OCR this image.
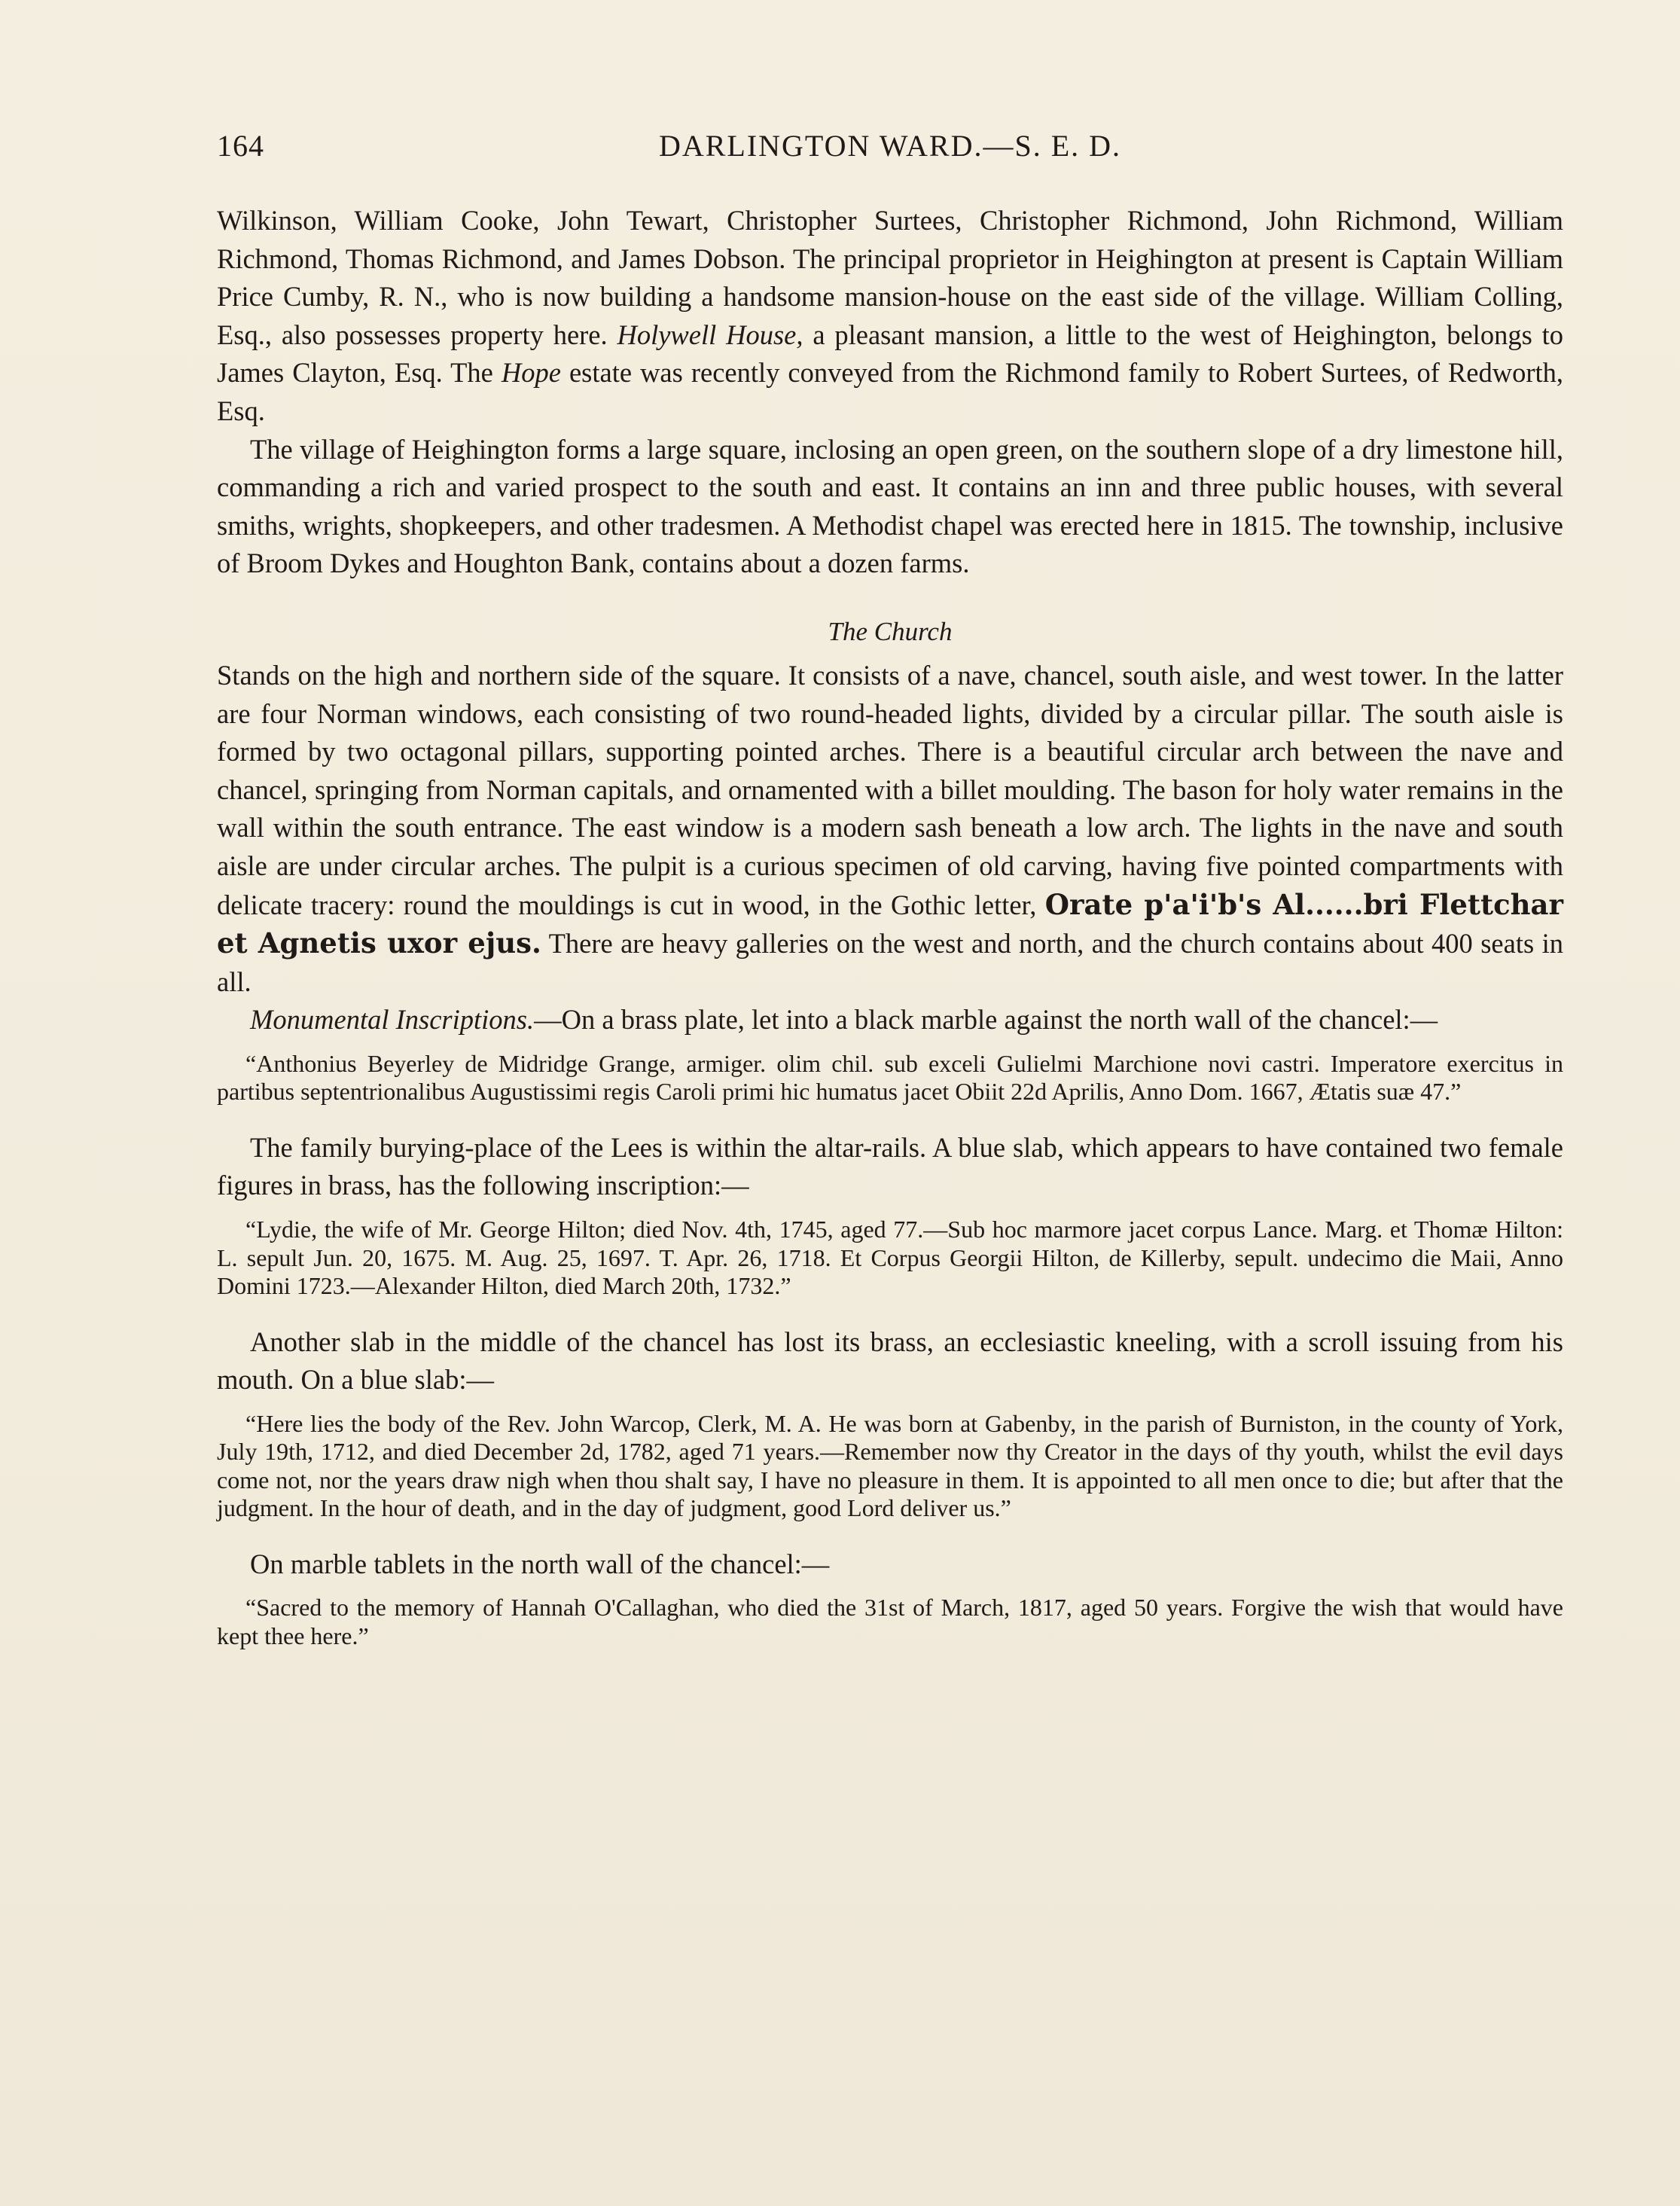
164	DARLINGTON WARD.—S. E. D.

Wilkinson, William Cooke, John Tewart, Christopher Surtees, Christopher Richmond, John Richmond, William Richmond, Thomas Richmond, and James Dobson. The principal proprietor in Heighington at present is Captain William Price Cumby, R. N., who is now building a handsome mansion-house on the east side of the village. William Colling, Esq., also possesses property here. Holywell House, a pleasant mansion, a little to the west of Heighington, belongs to James Clayton, Esq. The Hope estate was recently conveyed from the Richmond family to Robert Surtees, of Redworth, Esq.

The village of Heighington forms a large square, inclosing an open green, on the southern slope of a dry limestone hill, commanding a rich and varied prospect to the south and east. It contains an inn and three public houses, with several smiths, wrights, shopkeepers, and other tradesmen. A Methodist chapel was erected here in 1815. The township, inclusive of Broom Dykes and Houghton Bank, contains about a dozen farms.

The Church

Stands on the high and northern side of the square. It consists of a nave, chancel, south aisle, and west tower. In the latter are four Norman windows, each consisting of two round-headed lights, divided by a circular pillar. The south aisle is formed by two octagonal pillars, supporting pointed arches. There is a beautiful circular arch between the nave and chancel, springing from Norman capitals, and ornamented with a billet moulding. The bason for holy water remains in the wall within the south entrance. The east window is a modern sash beneath a low arch. The lights in the nave and south aisle are under circular arches. The pulpit is a curious specimen of old carving, having five pointed compartments with delicate tracery: round the mouldings is cut in wood, in the Gothic letter, Orate p'a'i'b's Al......bri Flettchar et Agnetis uxor ejus. There are heavy galleries on the west and north, and the church contains about 400 seats in all.

Monumental Inscriptions.—On a brass plate, let into a black marble against the north wall of the chancel:—

“Anthonius Beyerley de Midridge Grange, armiger. olim chil. sub exceli Gulielmi Marchione novi castri. Imperatore exercitus in partibus septentrionalibus Augustissimi regis Caroli primi hic humatus jacet Obiit 22d Aprilis, Anno Dom. 1667, Ætatis suæ 47.”

The family burying-place of the Lees is within the altar-rails. A blue slab, which appears to have contained two female figures in brass, has the following inscription:—

“Lydie, the wife of Mr. George Hilton; died Nov. 4th, 1745, aged 77.—Sub hoc marmore jacet corpus Lance. Marg. et Thomæ Hilton: L. sepult Jun. 20, 1675. M. Aug. 25, 1697. T. Apr. 26, 1718. Et Corpus Georgii Hilton, de Killerby, sepult. undecimo die Maii, Anno Domini 1723.—Alexander Hilton, died March 20th, 1732.”

Another slab in the middle of the chancel has lost its brass, an ecclesiastic kneeling, with a scroll issuing from his mouth. On a blue slab:—

“Here lies the body of the Rev. John Warcop, Clerk, M. A. He was born at Gabenby, in the parish of Burniston, in the county of York, July 19th, 1712, and died December 2d, 1782, aged 71 years.—Remember now thy Creator in the days of thy youth, whilst the evil days come not, nor the years draw nigh when thou shalt say, I have no pleasure in them. It is appointed to all men once to die; but after that the judgment. In the hour of death, and in the day of judgment, good Lord deliver us.”

On marble tablets in the north wall of the chancel:—

“Sacred to the memory of Hannah O'Callaghan, who died the 31st of March, 1817, aged 50 years. Forgive the wish that would have kept thee here.”
